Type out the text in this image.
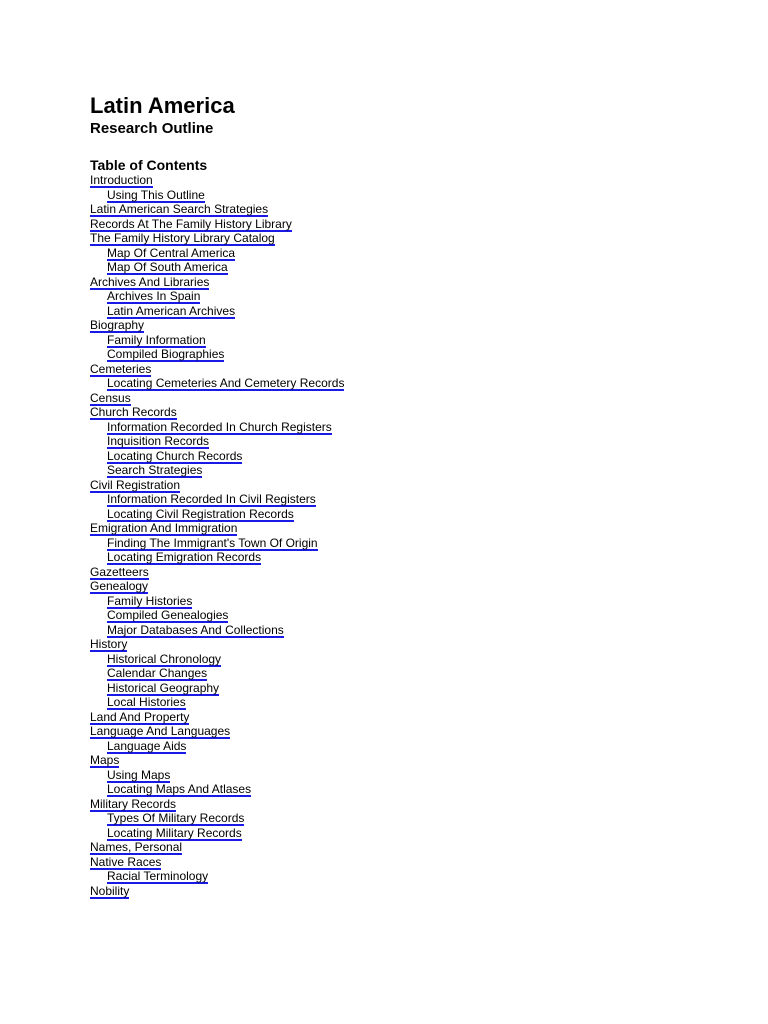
Latin America
Research Outline
Table of Contents
Introduction
Using This Outline
Latin American Search Strategies
Records At The Family History Library
The Family History Library Catalog
Map Of Central America
Map Of South America
Archives And Libraries
Archives In Spain
Latin American Archives
Biography
Family Information
Compiled Biographies
Cemeteries
Locating Cemeteries And Cemetery Records
Census
Church Records
Information Recorded In Church Registers
Inquisition Records
Locating Church Records
Search Strategies
Civil Registration
Information Recorded In Civil Registers
Locating Civil Registration Records
Emigration And Immigration
Finding The Immigrant's Town Of Origin
Locating Emigration Records
Gazetteers
Genealogy
Family Histories
Compiled Genealogies
Major Databases And Collections
History
Historical Chronology
Calendar Changes
Historical Geography
Local Histories
Land And Property
Language And Languages
Language Aids
Maps
Using Maps
Locating Maps And Atlases
Military Records
Types Of Military Records
Locating Military Records
Names, Personal
Native Races
Racial Terminology
Nobility
